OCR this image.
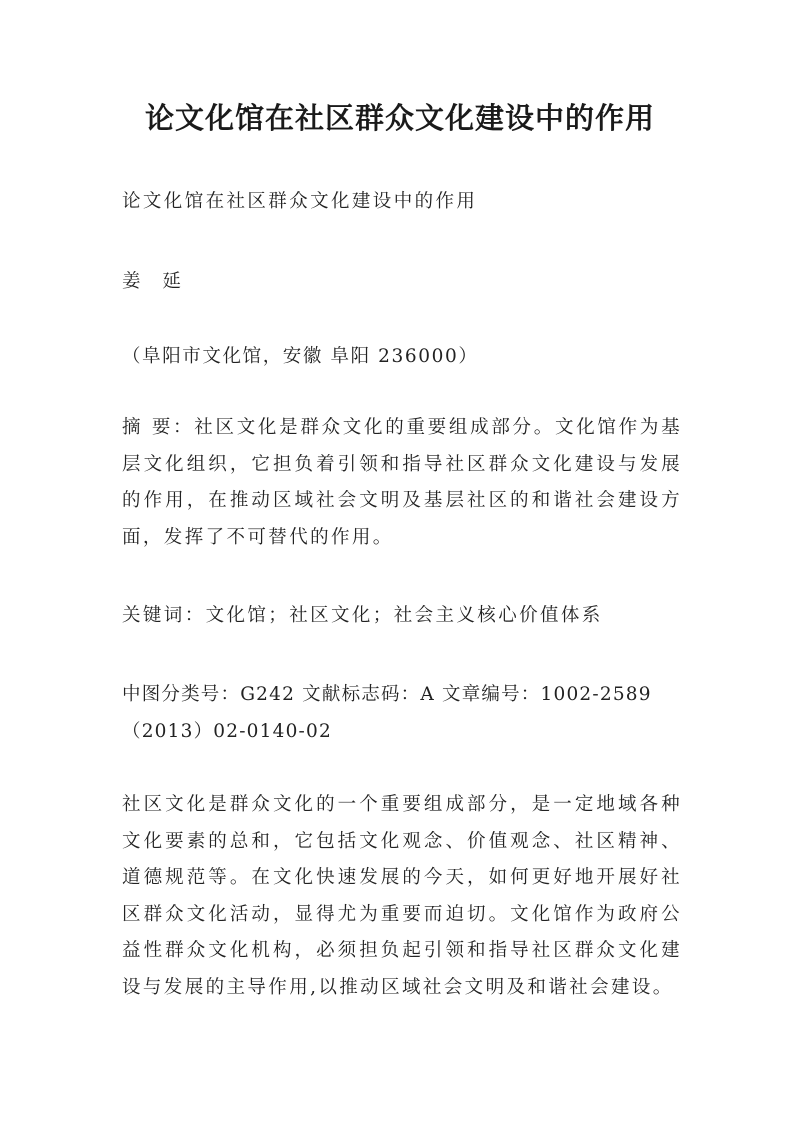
论文化馆在社区群众文化建设中的作用

论文化馆在社区群众文化建设中的作用

姜 延

（阜阳市文化馆，安徽 阜阳 236000）

摘 要：社区文化是群众文化的重要组成部分。文化馆作为基层文化组织，它担负着引领和指导社区群众文化建设与发展的作用，在推动区域社会文明及基层社区的和谐社会建设方面，发挥了不可替代的作用。

关键词：文化馆；社区文化；社会主义核心价值体系

中图分类号：G242 文献标志码：A 文章编号：1002-2589（2013）02-0140-02

社区文化是群众文化的一个重要组成部分，是一定地域各种文化要素的总和，它包括文化观念、价值观念、社区精神、道德规范等。在文化快速发展的今天，如何更好地开展好社区群众文化活动，显得尤为重要而迫切。文化馆作为政府公益性群众文化机构，必须担负起引领和指导社区群众文化建设与发展的主导作用,以推动区域社会文明及和谐社会建设。
